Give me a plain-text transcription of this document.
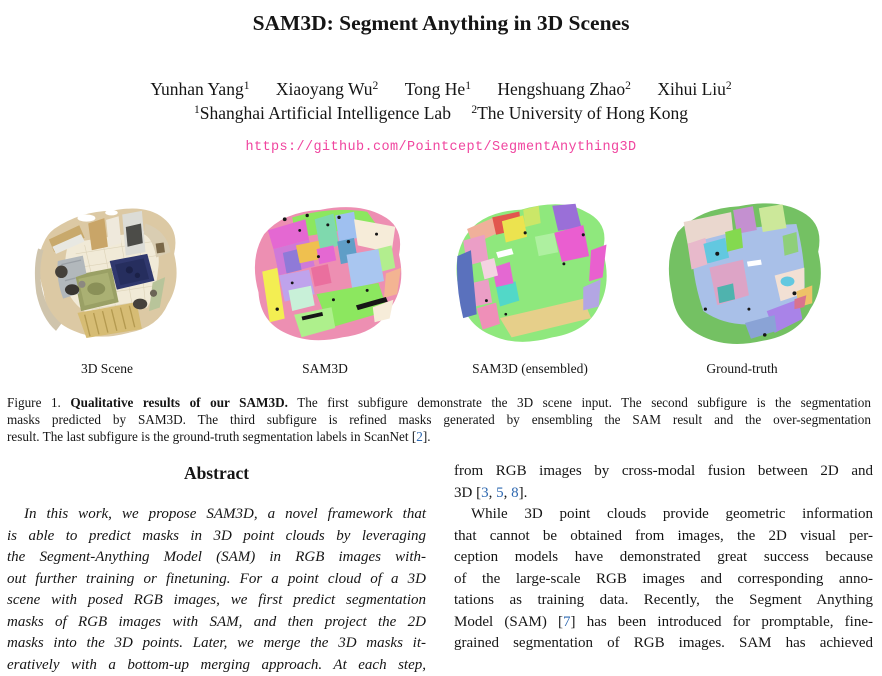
SAM3D: Segment Anything in 3D Scenes
Yunhan Yang$^1$ Xiaoyang Wu$^2$ Tong He$^1$ Hengshuang Zhao$^2$ Xihui Liu$^2$
$^1$Shanghai Artificial Intelligence Lab $^2$The University of Hong Kong
https://github.com/Pointcept/SegmentAnything3D
3D Scene	SAM3D	SAM3D (ensembled)	Ground-truth
Figure 1. Qualitative results of our SAM3D. The first subfigure demonstrate the 3D scene input. The second subfigure is the segmentation
masks predicted by SAM3D. The third subfigure is refined masks generated by ensembling the SAM result and the over-segmentation
result. The last subfigure is the ground-truth segmentation labels in ScanNet [2].
Abstract
In this work, we propose SAM3D, a novel framework that
is able to predict masks in 3D point clouds by leveraging
the Segment-Anything Model (SAM) in RGB images with-
out further training or finetuning. For a point cloud of a 3D
scene with posed RGB images, we first predict segmentation
masks of RGB images with SAM, and then project the 2D
masks into the 3D points. Later, we merge the 3D masks it-
eratively with a bottom-up merging approach. At each step,
from RGB images by cross-modal fusion between 2D and
3D [3, 5, 8].
While 3D point clouds provide geometric information
that cannot be obtained from images, the 2D visual per-
ception models have demonstrated great success because
of the large-scale RGB images and corresponding anno-
tations as training data. Recently, the Segment Anything
Model (SAM) [7] has been introduced for promptable, fine-
grained segmentation of RGB images. SAM has achieved
